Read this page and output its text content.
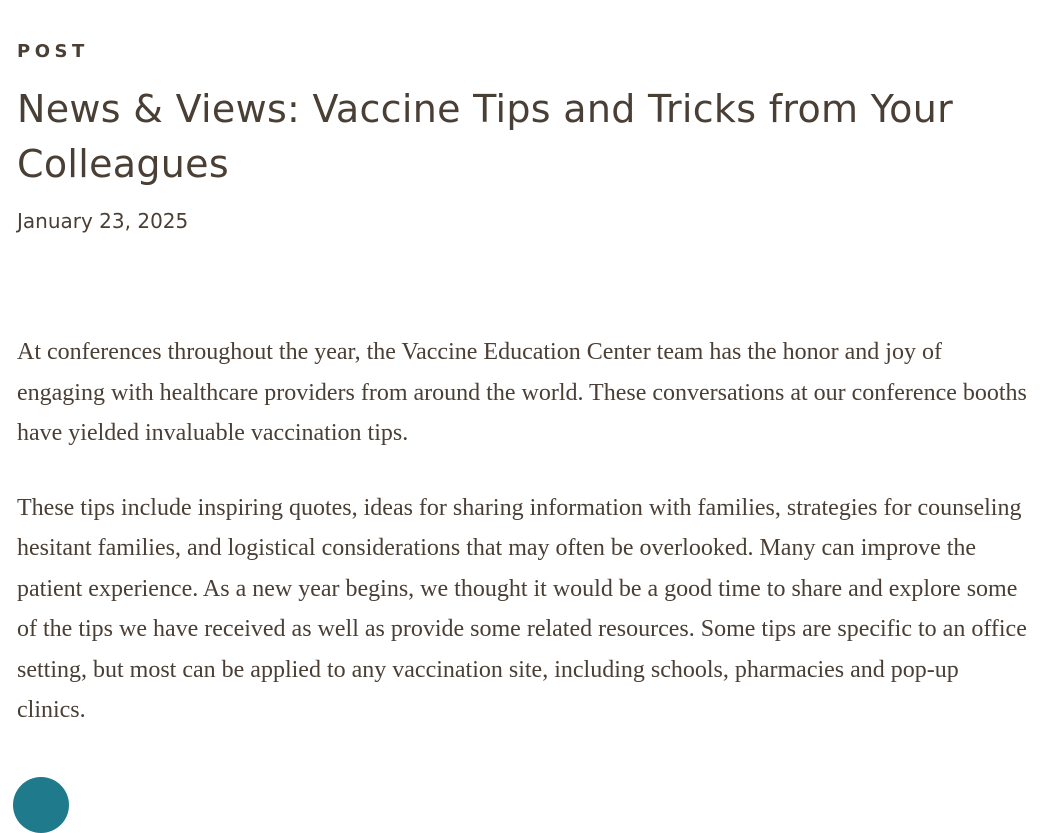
POST
News & Views: Vaccine Tips and Tricks from Your Colleagues
January 23, 2025

At conferences throughout the year, the Vaccine Education Center team has the honor and joy of engaging with healthcare providers from around the world. These conversations at our conference booths have yielded invaluable vaccination tips.

These tips include inspiring quotes, ideas for sharing information with families, strategies for counseling hesitant families, and logistical considerations that may often be overlooked. Many can improve the patient experience. As a new year begins, we thought it would be a good time to share and explore some of the tips we have received as well as provide some related resources. Some tips are specific to an office setting, but most can be applied to any vaccination site, including schools, pharmacies and pop-up clinics.
